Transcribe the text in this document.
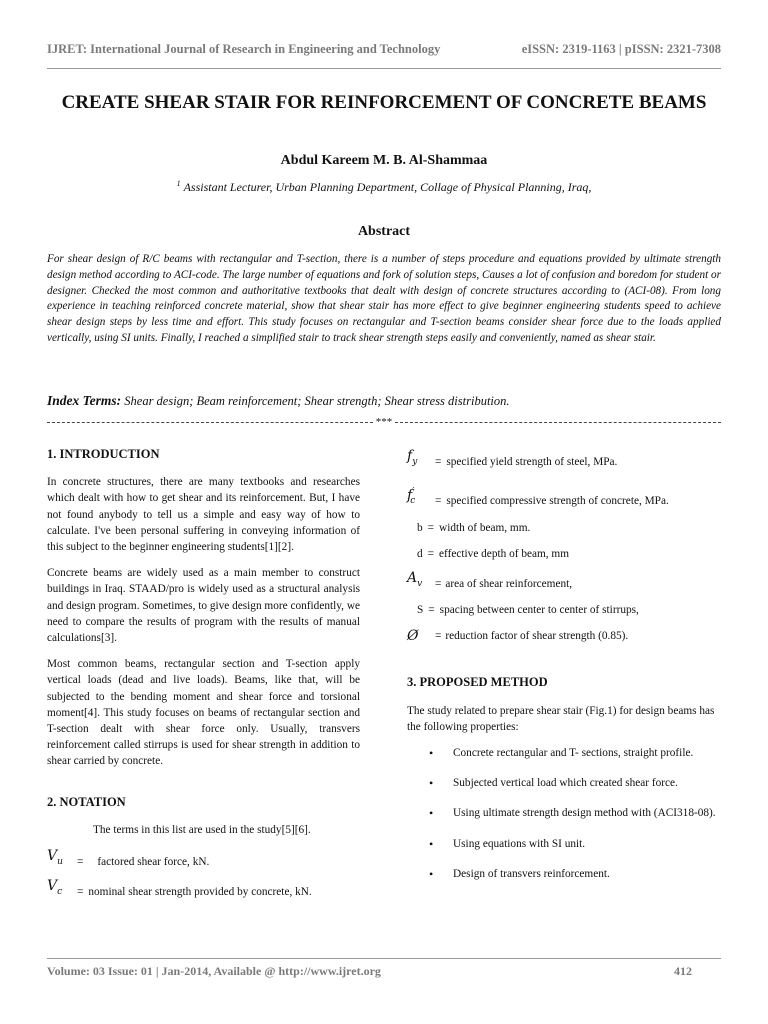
IJRET: International Journal of Research in Engineering and Technology	eISSN: 2319-1163 | pISSN: 2321-7308
CREATE SHEAR STAIR FOR REINFORCEMENT OF CONCRETE BEAMS
Abdul Kareem M. B. Al-Shammaa
$^1$ Assistant Lecturer, Urban Planning Department, Collage of Physical Planning, Iraq,
Abstract

For shear design of R/C beams with rectangular and T-section, there is a number of steps procedure and equations provided by ultimate strength design method according to ACI-code. The large number of equations and fork of solution steps, Causes a lot of confusion and boredom for student or designer. Checked the most common and authoritative textbooks that dealt with design of concrete structures according to (ACI-08). From long experience in teaching reinforced concrete material, show that shear stair has more effect to give beginner engineering students speed to achieve shear design steps by less time and effort. This study focuses on rectangular and T-section beams consider shear force due to the loads applied vertically, using SI units. Finally, I reached a simplified stair to track shear strength steps easily and conveniently, named as shear stair.

Index Terms: Shear design; Beam reinforcement; Shear strength; Shear stress distribution.
***
1. INTRODUCTION

In concrete structures, there are many textbooks and researches which dealt with how to get shear and its reinforcement. But, I have not found anybody to tell us a simple and easy way of how to calculate. I've been personal suffering in conveying information of this subject to the beginner engineering students[1][2].

Concrete beams are widely used as a main member to construct buildings in Iraq. STAAD/pro is widely used as a structural analysis and design program. Sometimes, to give design more confidently, we need to compare the results of program with the results of manual calculations[3].

Most common beams, rectangular section and T-section apply vertical loads (dead and live loads). Beams, like that, will be subjected to the bending moment and shear force and torsional moment[4]. This study focuses on beams of rectangular section and T-section dealt with shear force only. Usually, transvers reinforcement called stirrups is used for shear strength in addition to shear carried by concrete.

2. NOTATION

The terms in this list are used in the study[5][6].

$V_u$	= factored shear force, kN.
$V_c$	= nominal shear strength provided by concrete, kN.
$f_y$	= specified yield strength of steel, MPa.
$f'_c$	= specified compressive strength of concrete, MPa.
b = width of beam, mm.
d = effective depth of beam, mm
$A_v$	= area of shear reinforcement,
S = spacing between center to center of stirrups,
Ø	= reduction factor of shear strength (0.85).
3. PROPOSED METHOD

The study related to prepare shear stair (Fig.1) for design beams has the following properties:

• Concrete rectangular and T- sections, straight profile.
• Subjected vertical load which created shear force.
• Using ultimate strength design method with (ACI318-08).
• Using equations with SI unit.
• Design of transvers reinforcement.
Volume: 03 Issue: 01 | Jan-2014, Available @ http://www.ijret.org	412
